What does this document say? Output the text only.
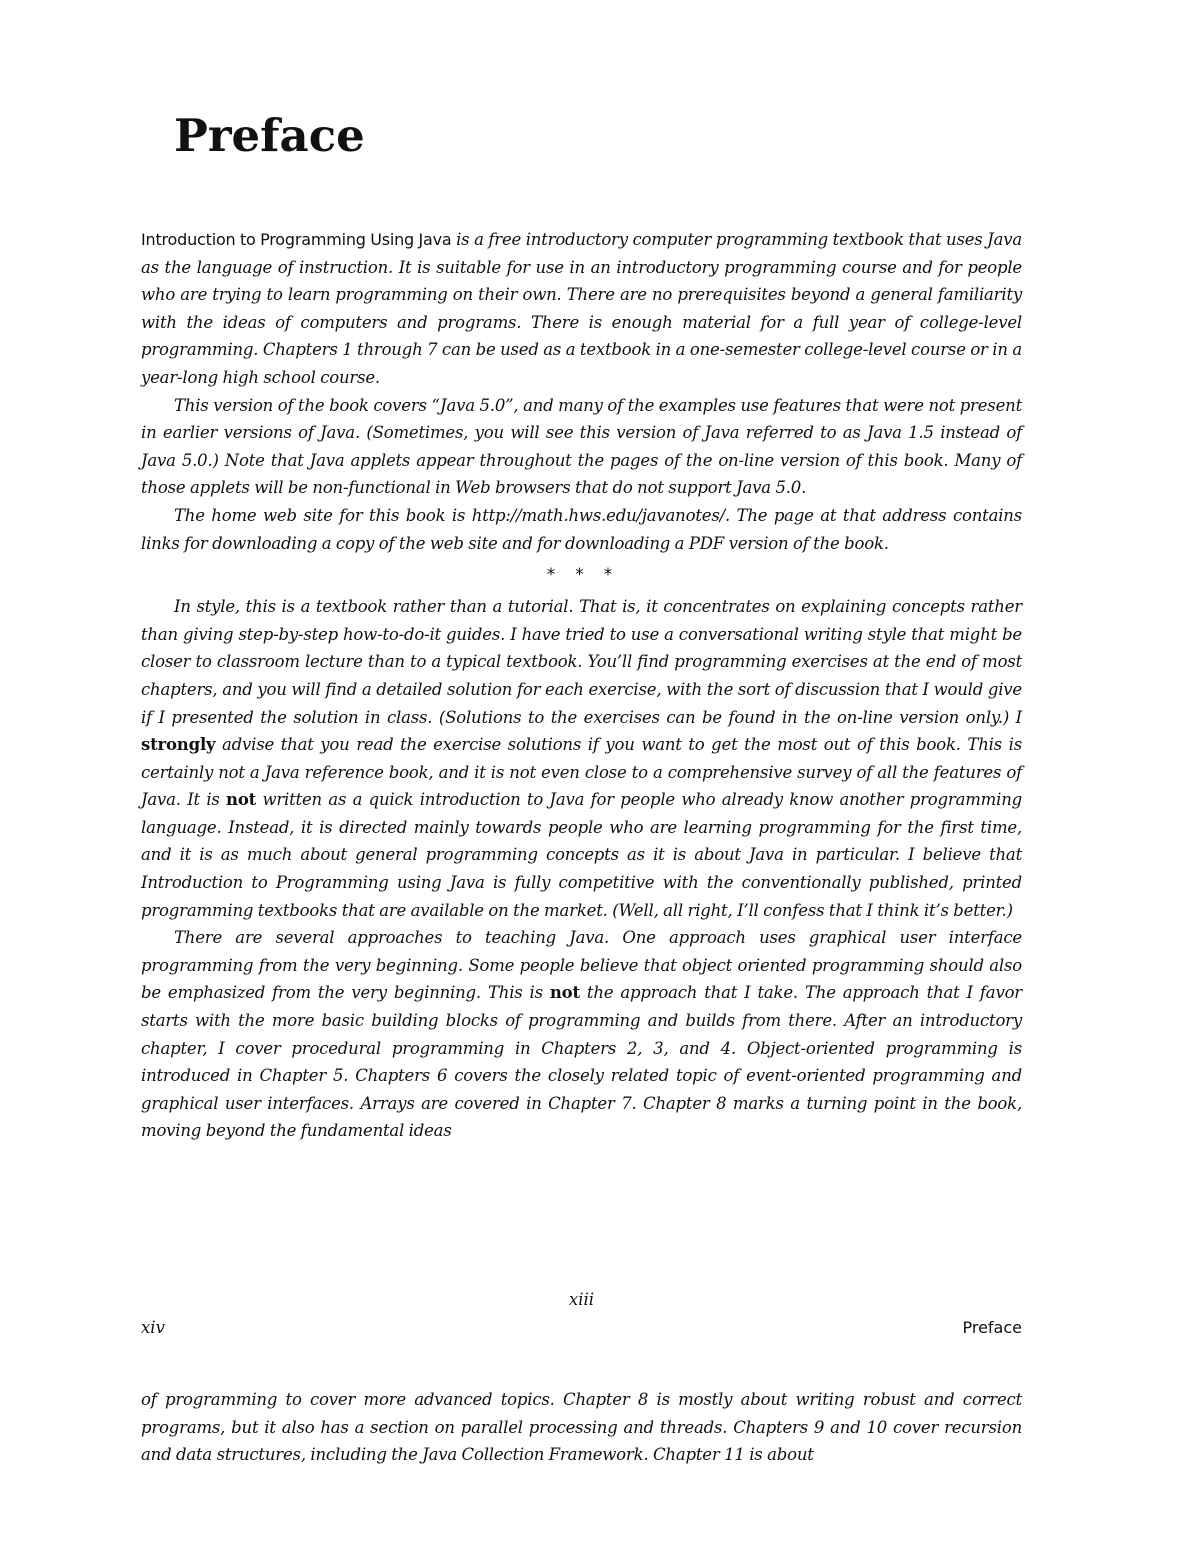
Preface

Introduction to Programming Using Java is a free introductory computer programming textbook that uses Java as the language of instruction. It is suitable for use in an introductory programming course and for people who are trying to learn programming on their own. There are no prerequisites beyond a general familiarity with the ideas of computers and programs. There is enough material for a full year of college-level programming. Chapters 1 through 7 can be used as a textbook in a one-semester college-level course or in a year-long high school course.

This version of the book covers “Java 5.0”, and many of the examples use features that were not present in earlier versions of Java. (Sometimes, you will see this version of Java referred to as Java 1.5 instead of Java 5.0.) Note that Java applets appear throughout the pages of the on-line version of this book. Many of those applets will be non-functional in Web browsers that do not support Java 5.0.

The home web site for this book is http://math.hws.edu/javanotes/. The page at that address contains links for downloading a copy of the web site and for downloading a PDF version of the book.

* * *

In style, this is a textbook rather than a tutorial. That is, it concentrates on explaining concepts rather than giving step-by-step how-to-do-it guides. I have tried to use a conversational writing style that might be closer to classroom lecture than to a typical textbook. You’ll find programming exercises at the end of most chapters, and you will find a detailed solution for each exercise, with the sort of discussion that I would give if I presented the solution in class. (Solutions to the exercises can be found in the on-line version only.) I strongly advise that you read the exercise solutions if you want to get the most out of this book. This is certainly not a Java reference book, and it is not even close to a comprehensive survey of all the features of Java. It is not written as a quick introduction to Java for people who already know another programming language. Instead, it is directed mainly towards people who are learning programming for the first time, and it is as much about general programming concepts as it is about Java in particular. I believe that Introduction to Programming using Java is fully competitive with the conventionally published, printed programming textbooks that are available on the market. (Well, all right, I’ll confess that I think it’s better.)

There are several approaches to teaching Java. One approach uses graphical user interface programming from the very beginning. Some people believe that object oriented programming should also be emphasized from the very beginning. This is not the approach that I take. The approach that I favor starts with the more basic building blocks of programming and builds from there. After an introductory chapter, I cover procedural programming in Chapters 2, 3, and 4. Object-oriented programming is introduced in Chapter 5. Chapters 6 covers the closely related topic of event-oriented programming and graphical user interfaces. Arrays are covered in Chapter 7. Chapter 8 marks a turning point in the book, moving beyond the fundamental ideas

xiii
xiv	Preface

of programming to cover more advanced topics. Chapter 8 is mostly about writing robust and correct programs, but it also has a section on parallel processing and threads. Chapters 9 and 10 cover recursion and data structures, including the Java Collection Framework. Chapter 11 is about
